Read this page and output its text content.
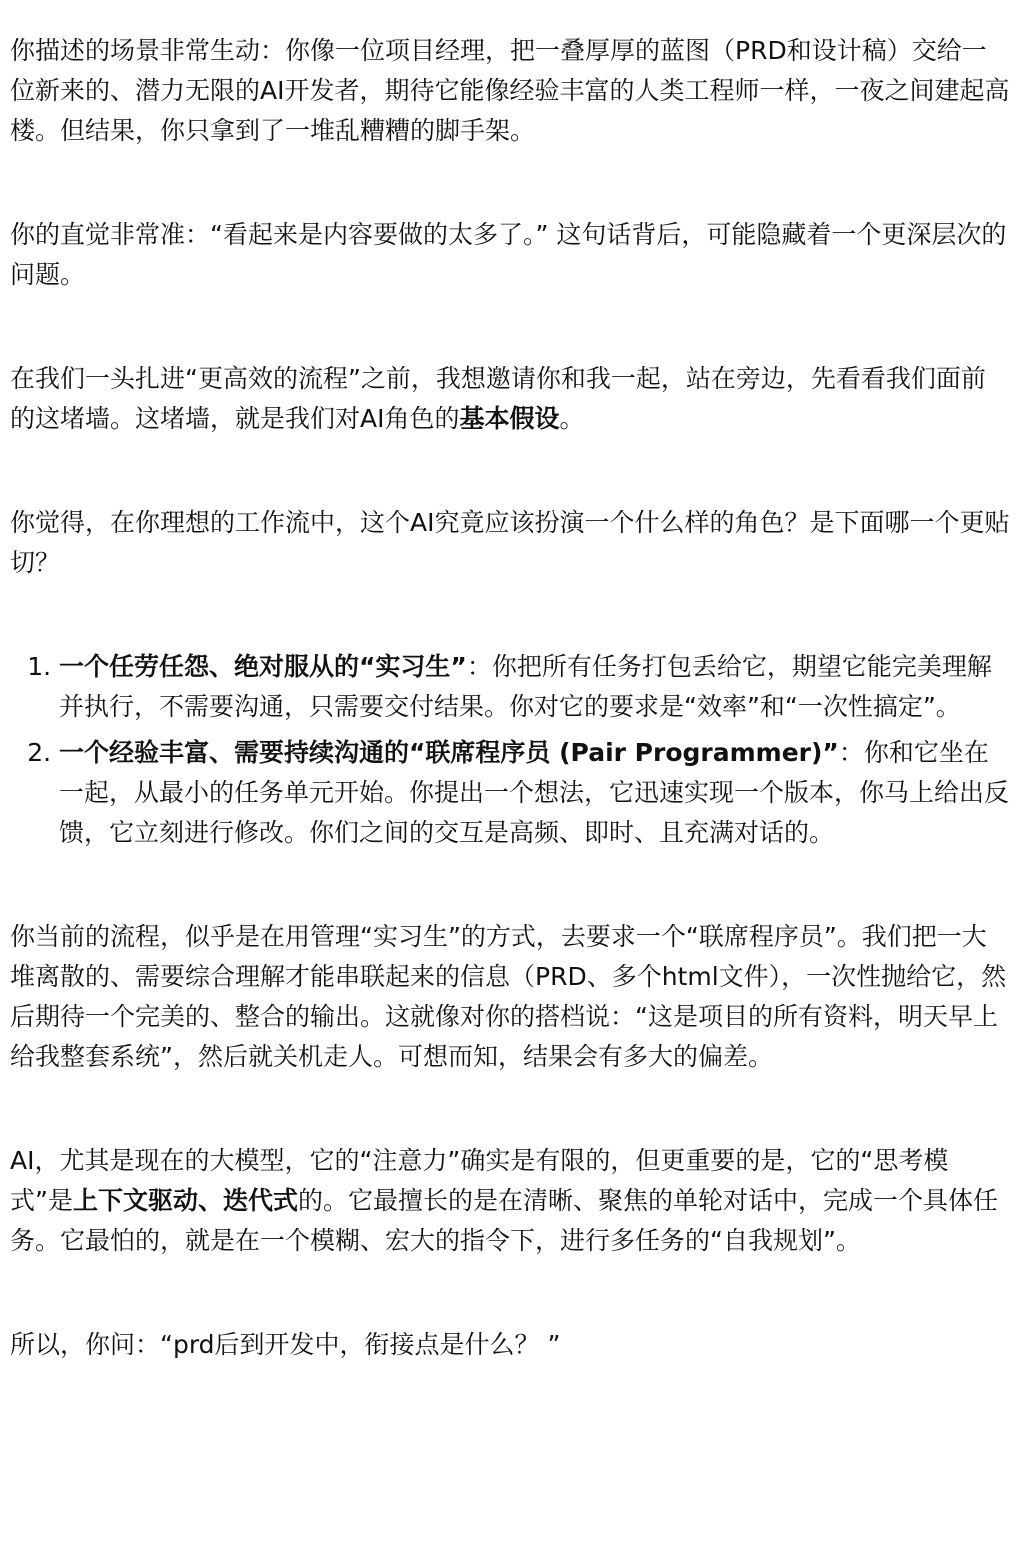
你描述的场景非常生动：你像一位项目经理，把一叠厚厚的蓝图（PRD和设计稿）交给一位新来的、潜力无限的AI开发者，期待它能像经验丰富的人类工程师一样，一夜之间建起高楼。但结果，你只拿到了一堆乱糟糟的脚手架。

你的直觉非常准：“看起来是内容要做的太多了。” 这句话背后，可能隐藏着一个更深层次的问题。

在我们一头扎进“更高效的流程”之前，我想邀请你和我一起，站在旁边，先看看我们面前的这堵墙。这堵墙，就是我们对AI角色的基本假设。

你觉得，在你理想的工作流中，这个AI究竟应该扮演一个什么样的角色？是下面哪一个更贴切？

1. 一个任劳任怨、绝对服从的“实习生”：你把所有任务打包丢给它，期望它能完美理解并执行，不需要沟通，只需要交付结果。你对它的要求是“效率”和“一次性搞定”。
2. 一个经验丰富、需要持续沟通的“联席程序员 (Pair Programmer)”：你和它坐在一起，从最小的任务单元开始。你提出一个想法，它迅速实现一个版本，你马上给出反馈，它立刻进行修改。你们之间的交互是高频、即时、且充满对话的。

你当前的流程，似乎是在用管理“实习生”的方式，去要求一个“联席程序员”。我们把一大堆离散的、需要综合理解才能串联起来的信息（PRD、多个html文件），一次性抛给它，然后期待一个完美的、整合的输出。这就像对你的搭档说：“这是项目的所有资料，明天早上给我整套系统”，然后就关机走人。可想而知，结果会有多大的偏差。

AI，尤其是现在的大模型，它的“注意力”确实是有限的，但更重要的是，它的“思考模式”是上下文驱动、迭代式的。它最擅长的是在清晰、聚焦的单轮对话中，完成一个具体任务。它最怕的，就是在一个模糊、宏大的指令下，进行多任务的“自我规划”。

所以，你问：“prd后到开发中，衔接点是什么？ ”
